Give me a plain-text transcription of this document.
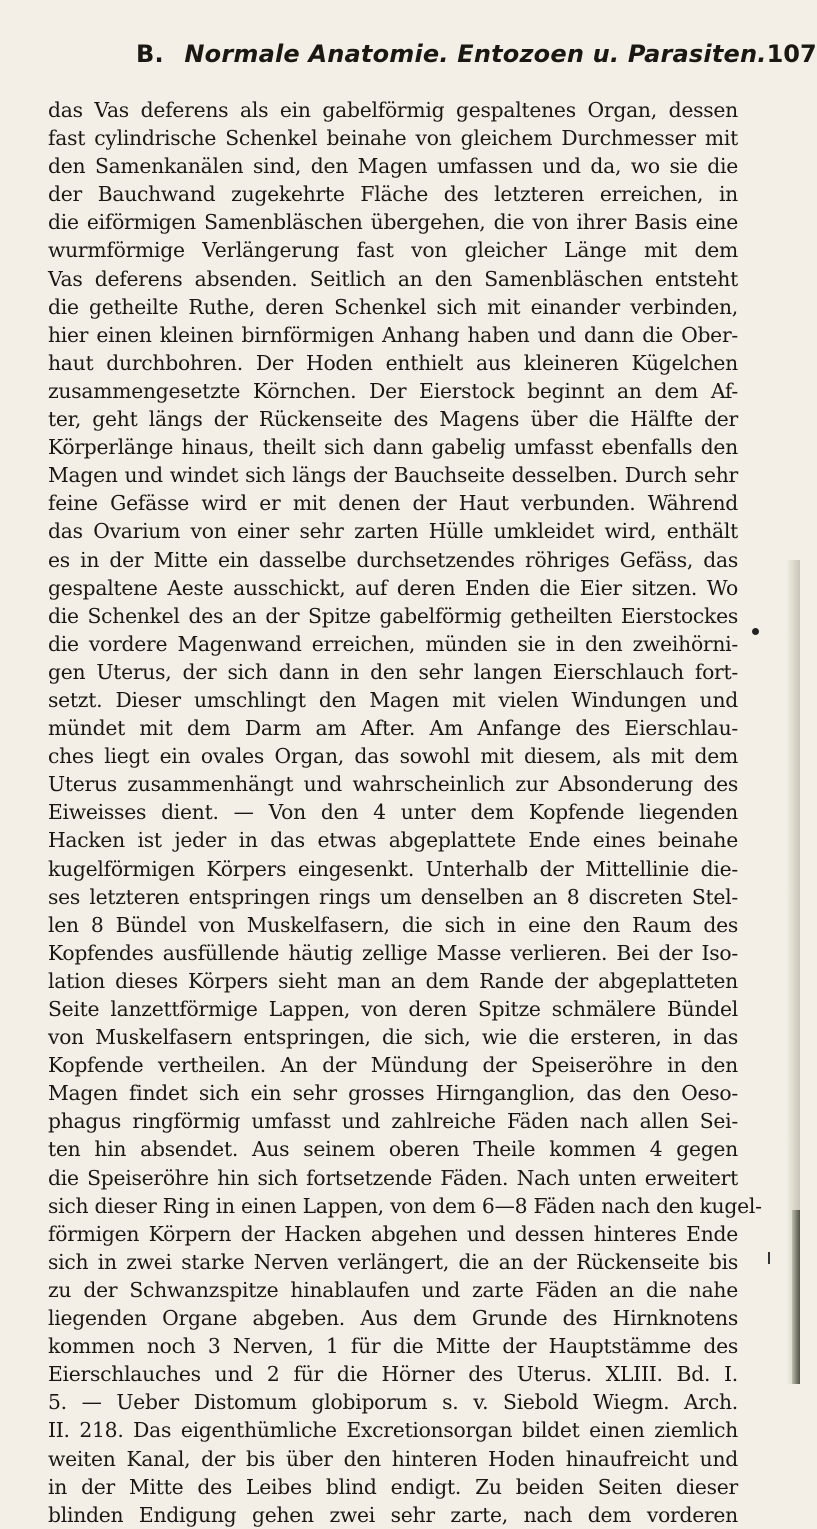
B. Normale Anatomie. Entozoen u. Parasiten. 107
das Vas deferens als ein gabelförmig gespaltenes Organ, dessen
fast cylindrische Schenkel beinahe von gleichem Durchmesser mit
den Samenkanälen sind, den Magen umfassen und da, wo sie die
der Bauchwand zugekehrte Fläche des letzteren erreichen, in
die eiförmigen Samenbläschen übergehen, die von ihrer Basis eine
wurmförmige Verlängerung fast von gleicher Länge mit dem
Vas deferens absenden. Seitlich an den Samenbläschen entsteht
die getheilte Ruthe, deren Schenkel sich mit einander verbinden,
hier einen kleinen birnförmigen Anhang haben und dann die Ober-
haut durchbohren. Der Hoden enthielt aus kleineren Kügelchen
zusammengesetzte Körnchen. Der Eierstock beginnt an dem Af-
ter, geht längs der Rückenseite des Magens über die Hälfte der
Körperlänge hinaus, theilt sich dann gabelig umfasst ebenfalls den
Magen und windet sich längs der Bauchseite desselben. Durch sehr
feine Gefässe wird er mit denen der Haut verbunden. Während
das Ovarium von einer sehr zarten Hülle umkleidet wird, enthält
es in der Mitte ein dasselbe durchsetzendes röhriges Gefäss, das
gespaltene Aeste ausschickt, auf deren Enden die Eier sitzen. Wo
die Schenkel des an der Spitze gabelförmig getheilten Eierstockes
die vordere Magenwand erreichen, münden sie in den zweihörni-
gen Uterus, der sich dann in den sehr langen Eierschlauch fort-
setzt. Dieser umschlingt den Magen mit vielen Windungen und
mündet mit dem Darm am After. Am Anfange des Eierschlau-
ches liegt ein ovales Organ, das sowohl mit diesem, als mit dem
Uterus zusammenhängt und wahrscheinlich zur Absonderung des
Eiweisses dient. — Von den 4 unter dem Kopfende liegenden
Hacken ist jeder in das etwas abgeplattete Ende eines beinahe
kugelförmigen Körpers eingesenkt. Unterhalb der Mittellinie die-
ses letzteren entspringen rings um denselben an 8 discreten Stel-
len 8 Bündel von Muskelfasern, die sich in eine den Raum des
Kopfendes ausfüllende häutig zellige Masse verlieren. Bei der Iso-
lation dieses Körpers sieht man an dem Rande der abgeplatteten
Seite lanzettförmige Lappen, von deren Spitze schmälere Bündel
von Muskelfasern entspringen, die sich, wie die ersteren, in das
Kopfende vertheilen. An der Mündung der Speiseröhre in den
Magen findet sich ein sehr grosses Hirnganglion, das den Oeso-
phagus ringförmig umfasst und zahlreiche Fäden nach allen Sei-
ten hin absendet. Aus seinem oberen Theile kommen 4 gegen
die Speiseröhre hin sich fortsetzende Fäden. Nach unten erweitert
sich dieser Ring in einen Lappen, von dem 6—8 Fäden nach den kugel-
förmigen Körpern der Hacken abgehen und dessen hinteres Ende
sich in zwei starke Nerven verlängert, die an der Rückenseite bis
zu der Schwanzspitze hinablaufen und zarte Fäden an die nahe
liegenden Organe abgeben. Aus dem Grunde des Hirnknotens
kommen noch 3 Nerven, 1 für die Mitte der Hauptstämme des
Eierschlauches und 2 für die Hörner des Uterus. XLIII. Bd. I.
5. — Ueber Distomum globiporum s. v. Siebold Wiegm. Arch.
II. 218. Das eigenthümliche Excretionsorgan bildet einen ziemlich
weiten Kanal, der bis über den hinteren Hoden hinaufreicht und
in der Mitte des Leibes blind endigt. Zu beiden Seiten dieser
blinden Endigung gehen zwei sehr zarte, nach dem vorderen
